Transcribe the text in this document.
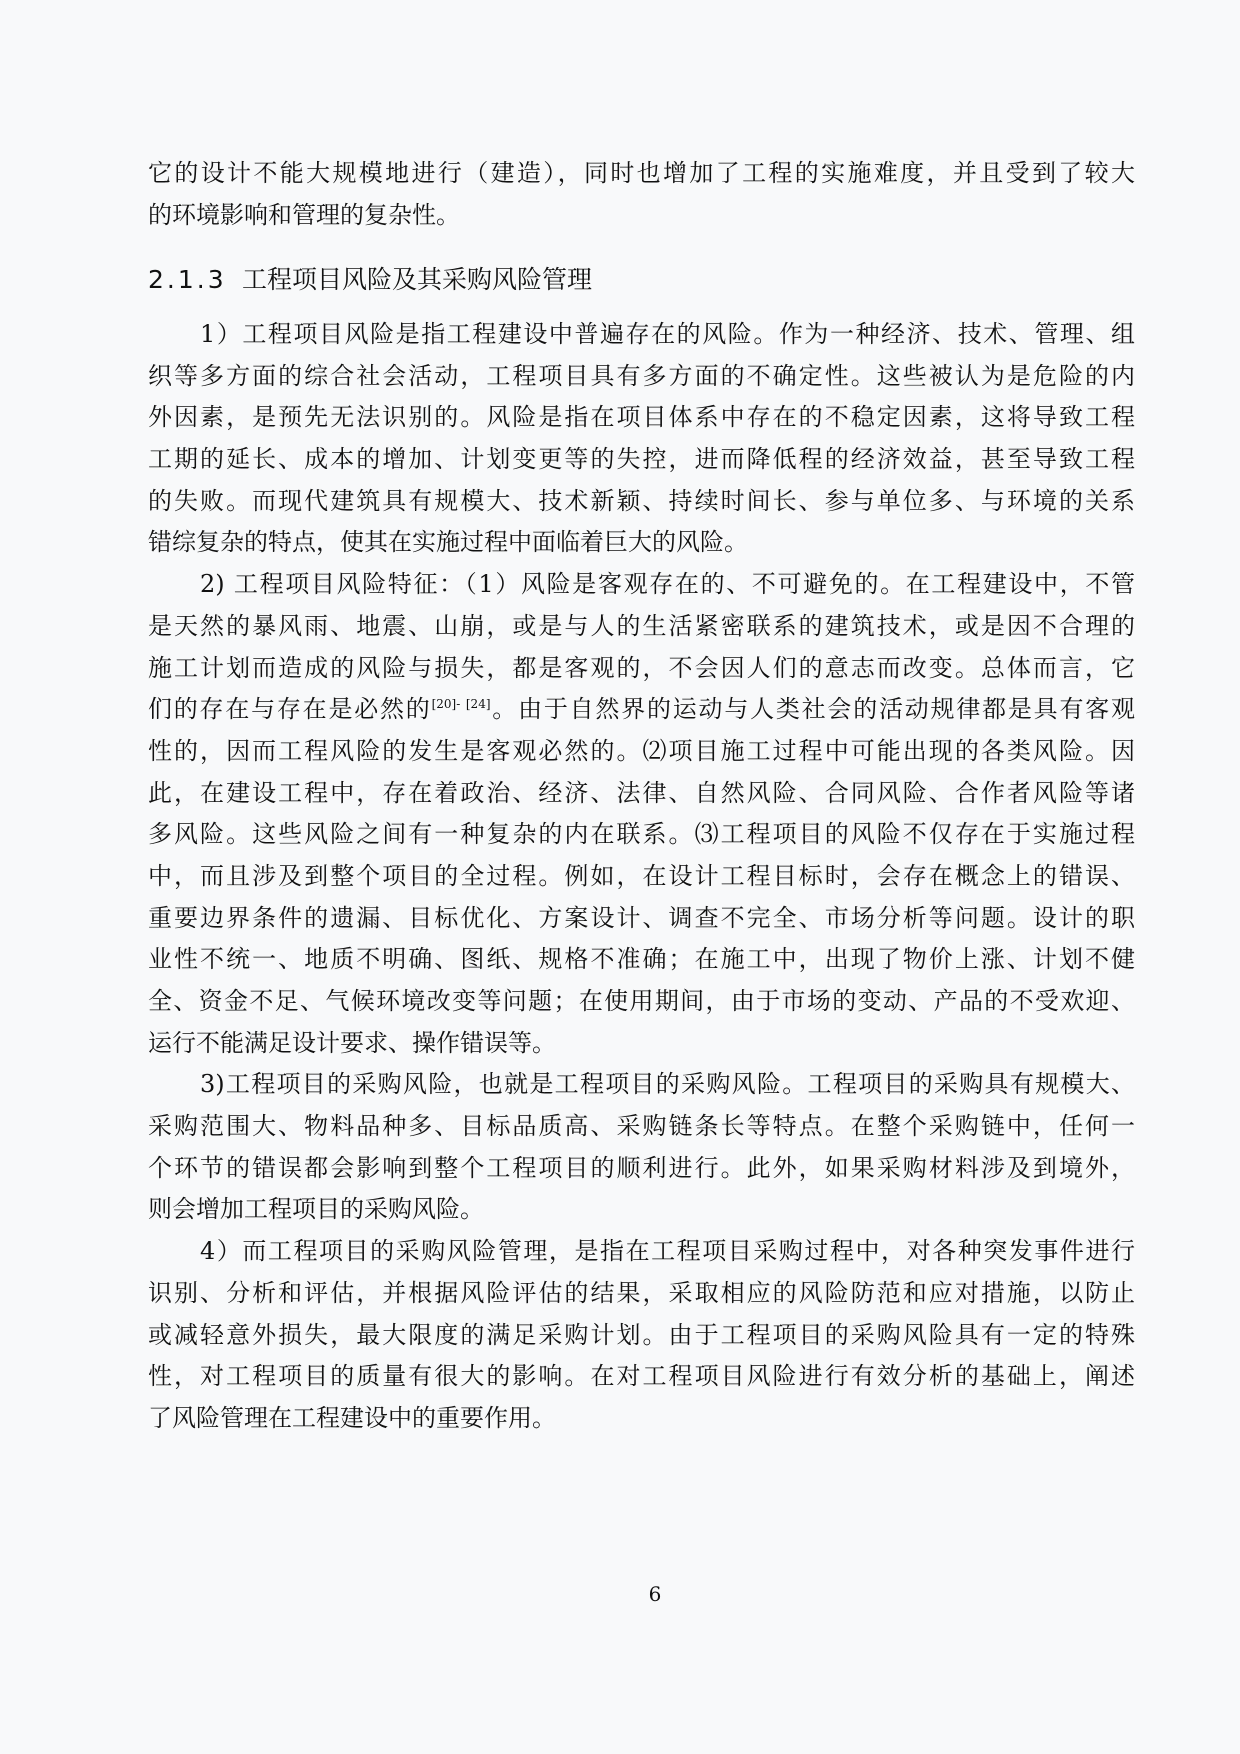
它的设计不能大规模地进行（建造），同时也增加了工程的实施难度，并且受到了较大
的环境影响和管理的复杂性。
2.1.3 工程项目风险及其采购风险管理
1）工程项目风险是指工程建设中普遍存在的风险。作为一种经济、技术、管理、组
织等多方面的综合社会活动，工程项目具有多方面的不确定性。这些被认为是危险的内
外因素，是预先无法识别的。风险是指在项目体系中存在的不稳定因素，这将导致工程
工期的延长、成本的增加、计划变更等的失控，进而降低程的经济效益，甚至导致工程
的失败。而现代建筑具有规模大、技术新颖、持续时间长、参与单位多、与环境的关系
错综复杂的特点，使其在实施过程中面临着巨大的风险。
2) 工程项目风险特征：（1）风险是客观存在的、不可避免的。在工程建设中，不管
是天然的暴风雨、地震、山崩，或是与人的生活紧密联系的建筑技术，或是因不合理的
施工计划而造成的风险与损失，都是客观的，不会因人们的意志而改变。总体而言，它
们的存在与存在是必然的[20]- [24]。由于自然界的运动与人类社会的活动规律都是具有客观
性的，因而工程风险的发生是客观必然的。⑵项目施工过程中可能出现的各类风险。因
此，在建设工程中，存在着政治、经济、法律、自然风险、合同风险、合作者风险等诸
多风险。这些风险之间有一种复杂的内在联系。⑶工程项目的风险不仅存在于实施过程
中，而且涉及到整个项目的全过程。例如，在设计工程目标时，会存在概念上的错误、
重要边界条件的遗漏、目标优化、方案设计、调查不完全、市场分析等问题。设计的职
业性不统一、地质不明确、图纸、规格不准确；在施工中，出现了物价上涨、计划不健
全、资金不足、气候环境改变等问题；在使用期间，由于市场的变动、产品的不受欢迎、
运行不能满足设计要求、操作错误等。
3)工程项目的采购风险，也就是工程项目的采购风险。工程项目的采购具有规模大、
采购范围大、物料品种多、目标品质高、采购链条长等特点。在整个采购链中，任何一
个环节的错误都会影响到整个工程项目的顺利进行。此外，如果采购材料涉及到境外，
则会增加工程项目的采购风险。
4）而工程项目的采购风险管理，是指在工程项目采购过程中，对各种突发事件进行
识别、分析和评估，并根据风险评估的结果，采取相应的风险防范和应对措施，以防止
或减轻意外损失，最大限度的满足采购计划。由于工程项目的采购风险具有一定的特殊
性，对工程项目的质量有很大的影响。在对工程项目风险进行有效分析的基础上，阐述
了风险管理在工程建设中的重要作用。
6
